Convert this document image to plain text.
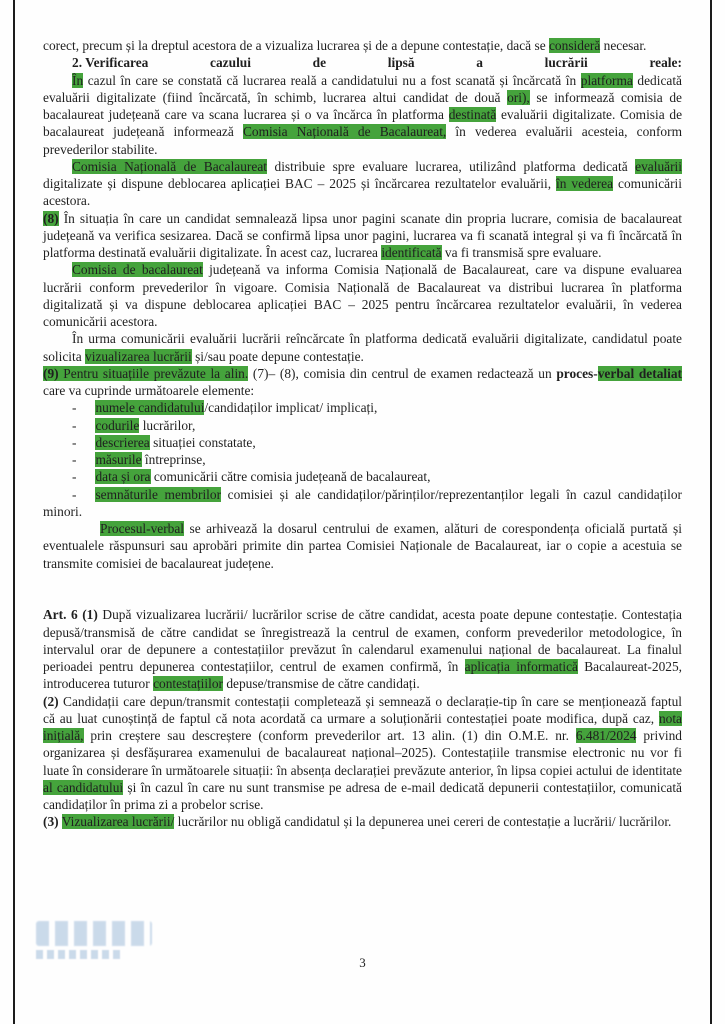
corect, precum și la dreptul acestora de a vizualiza lucrarea și de a depune contestație, dacă se consideră necesar.
2. Verificarea	cazului	de	lipsă	a	lucrării	reale:
În cazul în care se constată că lucrarea reală a candidatului nu a fost scanată și încărcată în platforma dedicată evaluării digitalizate (fiind încărcată, în schimb, lucrarea altui candidat de două ori), se informează comisia de bacalaureat județeană care va scana lucrarea și o va încărca în platforma destinată evaluării digitalizate. Comisia de bacalaureat județeană informează Comisia Națională de Bacalaureat, în vederea evaluării acesteia, conform prevederilor stabilite.
Comisia Națională de Bacalaureat distribuie spre evaluare lucrarea, utilizând platforma dedicată evaluării digitalizate și dispune deblocarea aplicației BAC – 2025 și încărcarea rezultatelor evaluării, în vederea comunicării acestora.
(8) În situația în care un candidat semnalează lipsa unor pagini scanate din propria lucrare, comisia de bacalaureat județeană va verifica sesizarea. Dacă se confirmă lipsa unor pagini, lucrarea va fi scanată integral și va fi încărcată în platforma destinată evaluării digitalizate. În acest caz, lucrarea identificată va fi transmisă spre evaluare.
Comisia de bacalaureat județeană va informa Comisia Națională de Bacalaureat, care va dispune evaluarea lucrării conform prevederilor în vigoare. Comisia Națională de Bacalaureat va distribui lucrarea în platforma digitalizată și va dispune deblocarea aplicației BAC – 2025 pentru încărcarea rezultatelor evaluării, în vederea comunicării acestora.
În urma comunicării evaluării lucrării reîncărcate în platforma dedicată evaluării digitalizate, candidatul poate solicita vizualizarea lucrării și/sau poate depune contestație.
(9) Pentru situațiile prevăzute la alin. (7)– (8), comisia din centrul de examen redactează un proces-verbal detaliat care va cuprinde următoarele elemente:
- numele candidatului/candidaților implicat/ implicați,
- codurile lucrărilor,
- descrierea situației constatate,
- măsurile întreprinse,
- data și ora comunicării către comisia județeană de bacalaureat,
- semnăturile membrilor comisiei și ale candidaților/părinților/reprezentanților legali în cazul candidaților minori.
Procesul-verbal se arhivează la dosarul centrului de examen, alături de corespondența oficială purtată și eventualele răspunsuri sau aprobări primite din partea Comisiei Naționale de Bacalaureat, iar o copie a acestuia se transmite comisiei de bacalaureat județene.
Art. 6 (1) După vizualizarea lucrării/ lucrărilor scrise de către candidat, acesta poate depune contestație. Contestația depusă/transmisă de către candidat se înregistrează la centrul de examen, conform prevederilor metodologice, în intervalul orar de depunere a contestațiilor prevăzut în calendarul examenului național de bacalaureat. La finalul perioadei pentru depunerea contestațiilor, centrul de examen confirmă, în aplicația informatică Bacalaureat-2025, introducerea tuturor contestațiilor depuse/transmise de către candidați.
(2) Candidații care depun/transmit contestații completează și semnează o declarație-tip în care se menționează faptul că au luat cunoștință de faptul că nota acordată ca urmare a soluționării contestației poate modifica, după caz, nota inițială, prin creștere sau descreștere (conform prevederilor art. 13 alin. (1) din O.M.E. nr. 6.481/2024 privind organizarea și desfășurarea examenului de bacalaureat național–2025). Contestațiile transmise electronic nu vor fi luate în considerare în următoarele situații: în absența declarației prevăzute anterior, în lipsa copiei actului de identitate al candidatului și în cazul în care nu sunt transmise pe adresa de e-mail dedicată depunerii contestațiilor, comunicată candidaților în prima zi a probelor scrise.
(3) Vizualizarea lucrării/ lucrărilor nu obligă candidatul și la depunerea unei cereri de contestație a lucrării/ lucrărilor.
3
